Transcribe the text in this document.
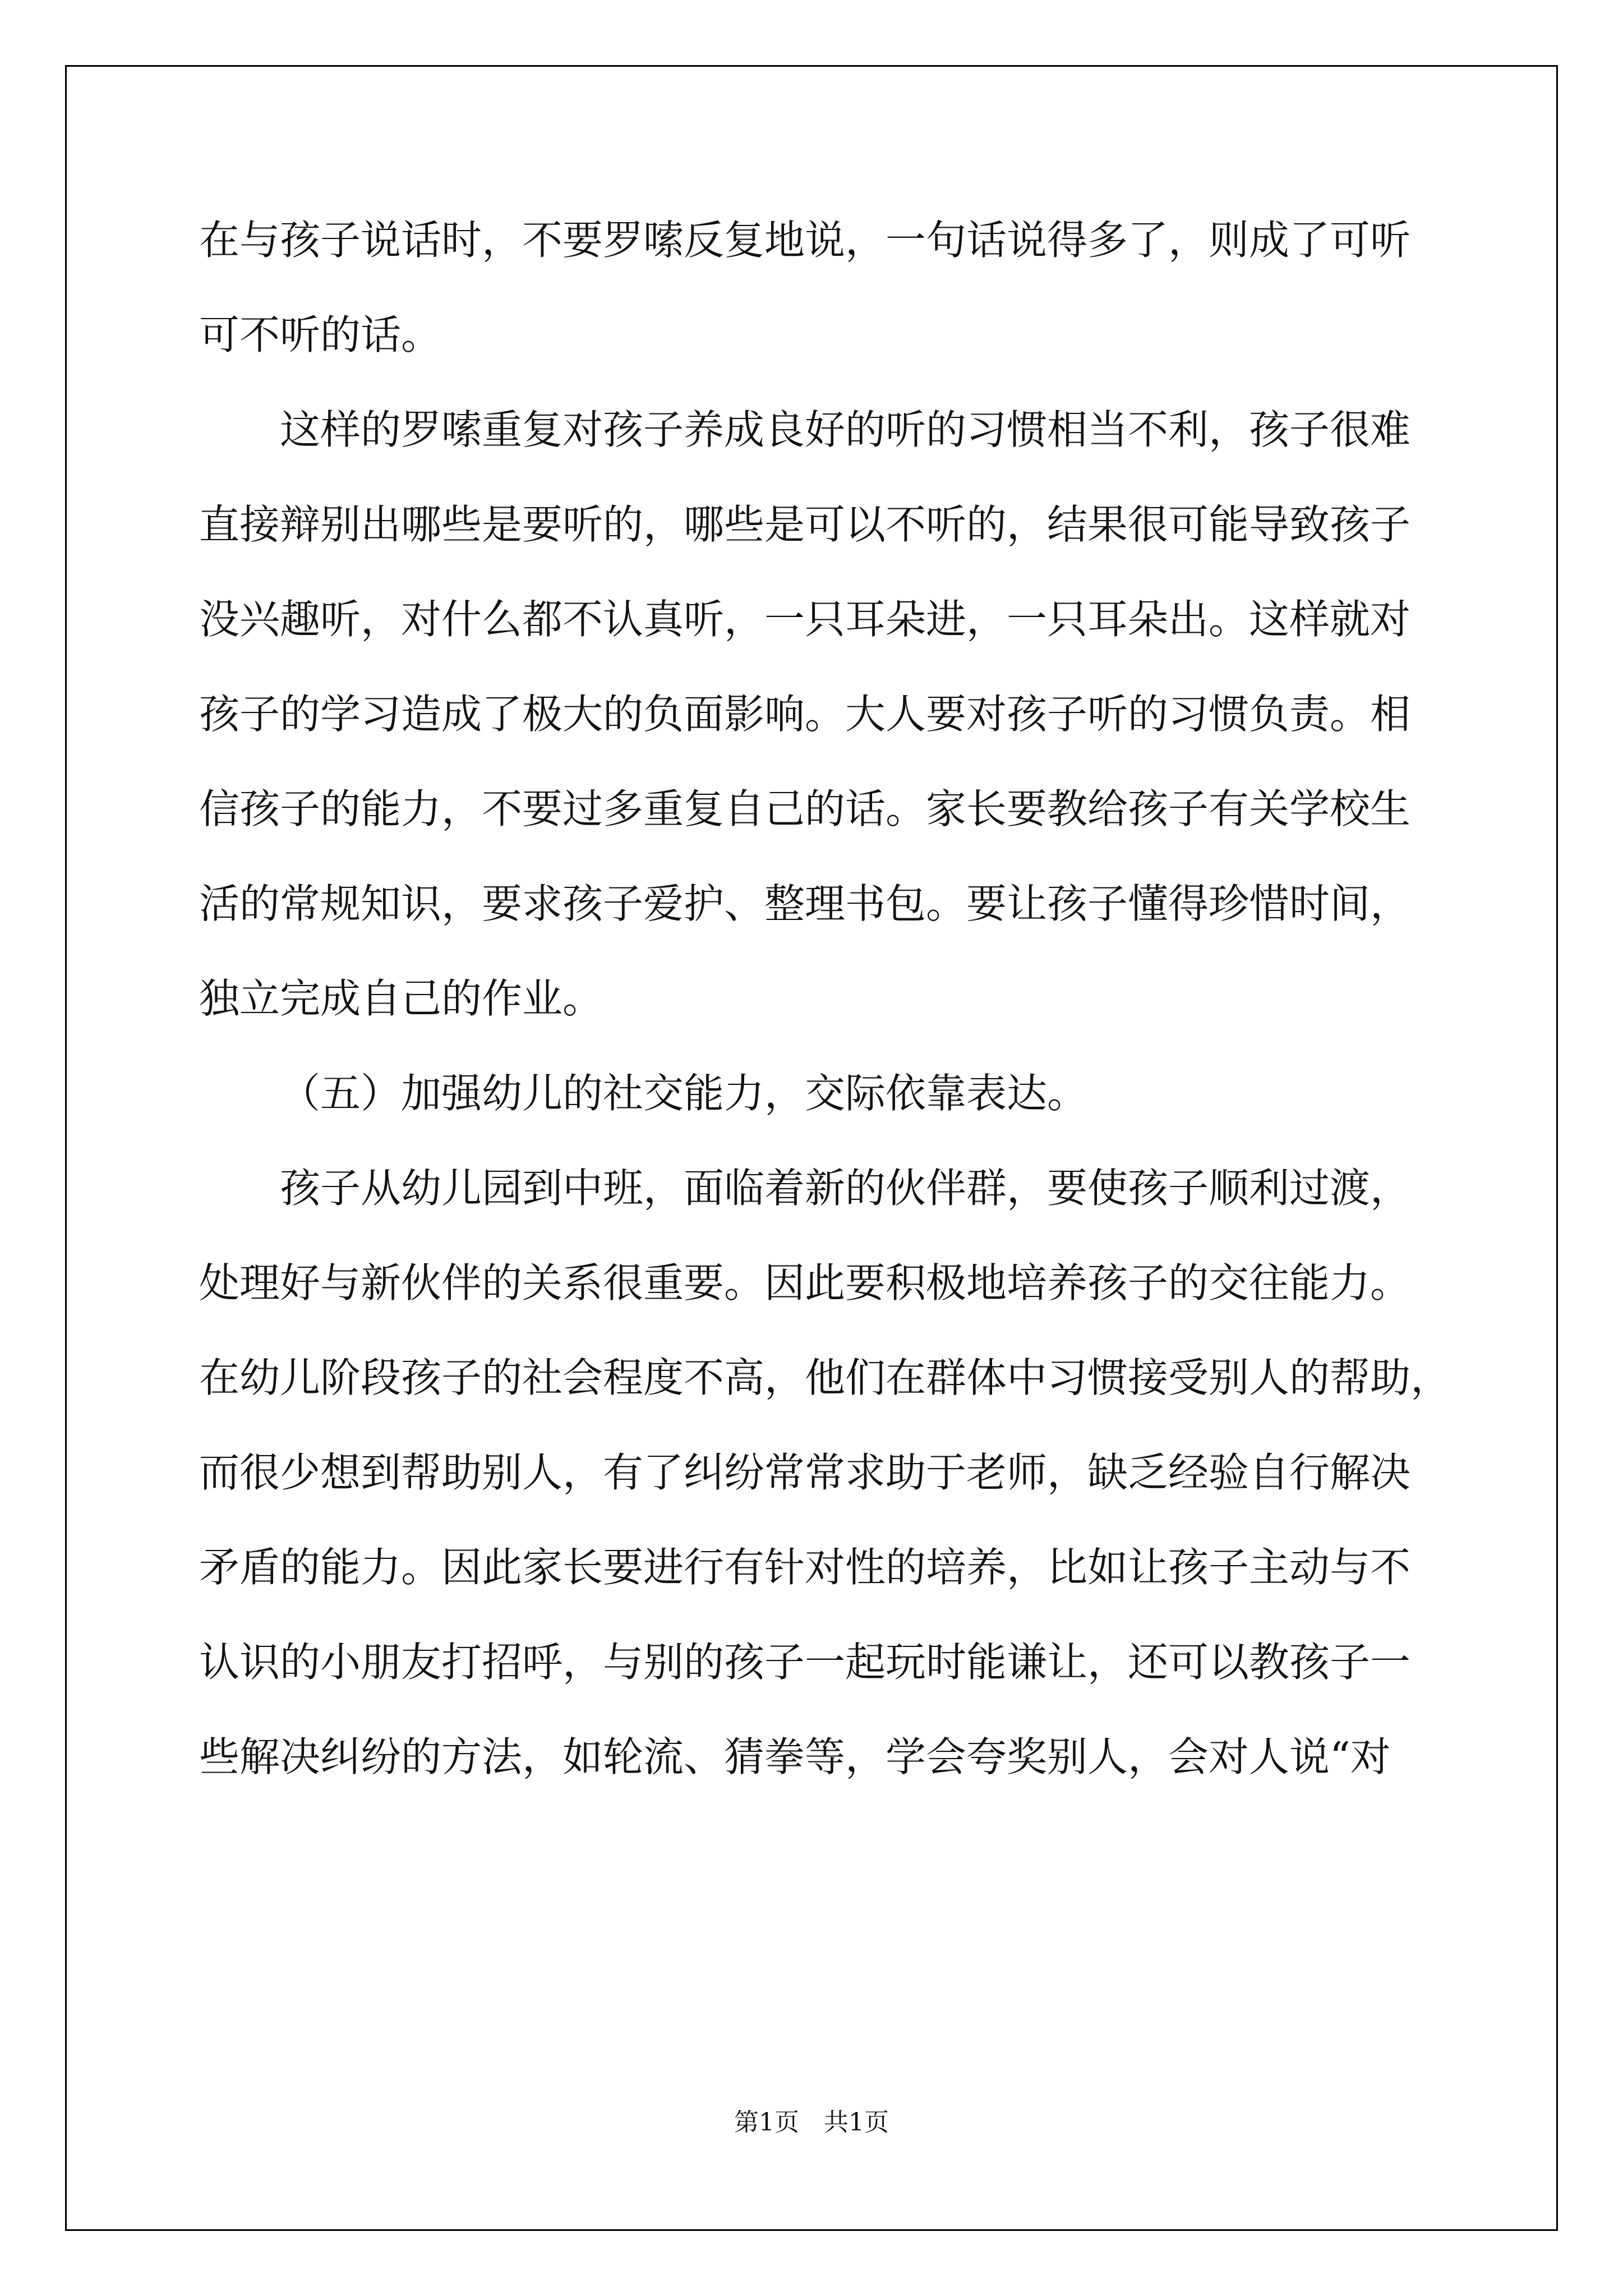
在与孩子说话时，不要罗嗦反复地说，一句话说得多了，则成了可听
可不听的话。
这样的罗嗦重复对孩子养成良好的听的习惯相当不利，孩子很难
直接辩别出哪些是要听的，哪些是可以不听的，结果很可能导致孩子
没兴趣听，对什么都不认真听，一只耳朵进，一只耳朵出。这样就对
孩子的学习造成了极大的负面影响。大人要对孩子听的习惯负责。相
信孩子的能力，不要过多重复自己的话。家长要教给孩子有关学校生
活的常规知识，要求孩子爱护、整理书包。要让孩子懂得珍惜时间，
独立完成自己的作业。
（五）加强幼儿的社交能力，交际依靠表达。
孩子从幼儿园到中班，面临着新的伙伴群，要使孩子顺利过渡，
处理好与新伙伴的关系很重要。因此要积极地培养孩子的交往能力。
在幼儿阶段孩子的社会程度不高，他们在群体中习惯接受别人的帮助，
而很少想到帮助别人，有了纠纷常常求助于老师，缺乏经验自行解决
矛盾的能力。因此家长要进行有针对性的培养，比如让孩子主动与不
认识的小朋友打招呼，与别的孩子一起玩时能谦让，还可以教孩子一
些解决纠纷的方法，如轮流、猜拳等，学会夸奖别人，会对人说“对
第1页　共1页
